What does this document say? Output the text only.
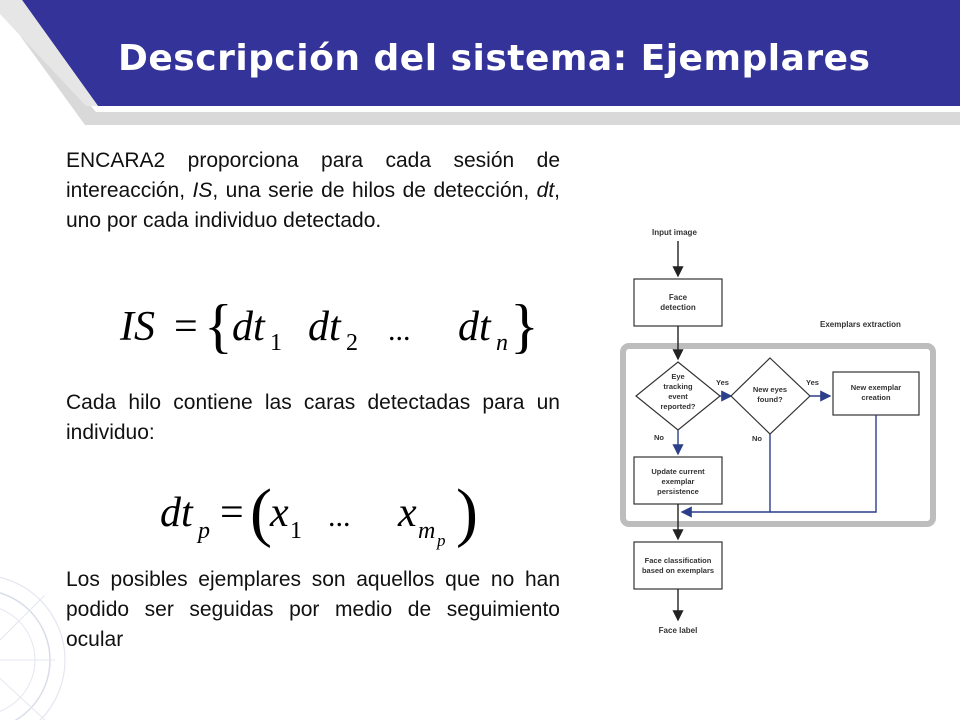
Descripción del sistema: Ejemplares

ENCARA2 proporciona para cada sesión de intereacción, IS, una serie de hilos de detección, dt, uno por cada individuo detectado.

IS = { dt 1 dt 2 ... dt n }

Cada hilo contiene las caras detectadas para un individuo:

dt p = (
x 1 ... x m p )

Los posibles ejemplares son aquellos que no han podido ser seguidas por medio de seguimiento ocular

Exemplars extraction
Input image
Face
detection
Eye
tracking
event
reported?
Yes
New eyes
found?
Yes
New exemplar
creation
No	No
Update current
exemplar
persistence
Face classification
based on exemplars
Face label
